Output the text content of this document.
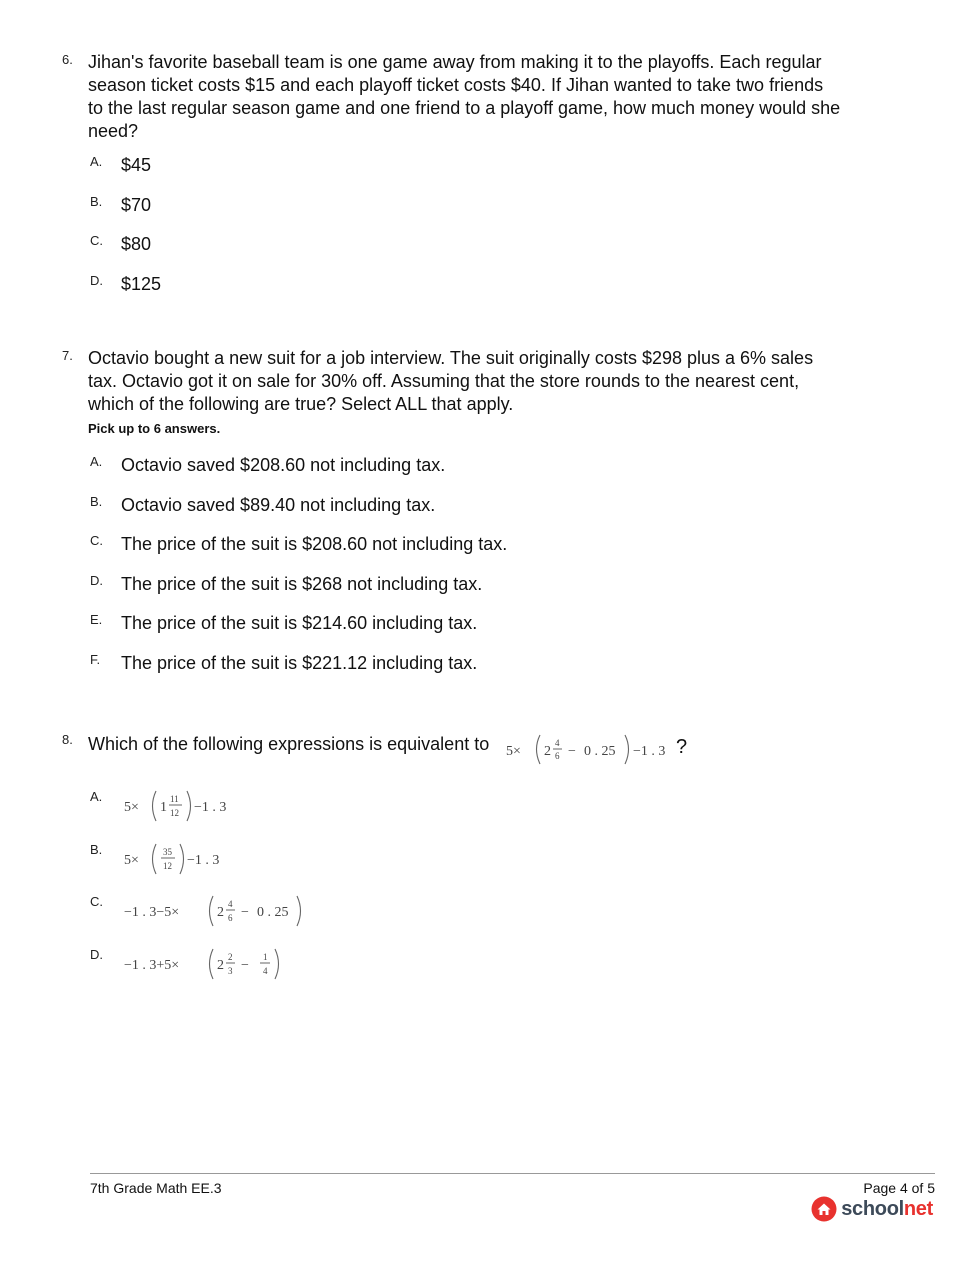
6. Jihan's favorite baseball team is one game away from making it to the playoffs. Each regular season ticket costs $15 and each playoff ticket costs $40. If Jihan wanted to take two friends to the last regular season game and one friend to a playoff game, how much money would she need?
A. $45
B. $70
C. $80
D. $125
7. Octavio bought a new suit for a job interview. The suit originally costs $298 plus a 6% sales tax. Octavio got it on sale for 30% off. Assuming that the store rounds to the nearest cent, which of the following are true? Select ALL that apply.
Pick up to 6 answers.
A. Octavio saved $208.60 not including tax.
B. Octavio saved $89.40 not including tax.
C. The price of the suit is $208.60 not including tax.
D. The price of the suit is $268 not including tax.
E. The price of the suit is $214.60 including tax.
F. The price of the suit is $221.12 including tax.
8. Which of the following expressions is equivalent to 5× 2
4
6 − 0 . 25 −1 . 3 ?
A.
5× 1
11
12 −1 . 3
B.
5×
35
12 −1 . 3
C.
−1 . 3−5×	2
4
6 − 0 . 25
D.
−1 . 3+5×	2
2
3 −
1
4
7th Grade Math EE.3	Page 4 of 5
schoolnet
